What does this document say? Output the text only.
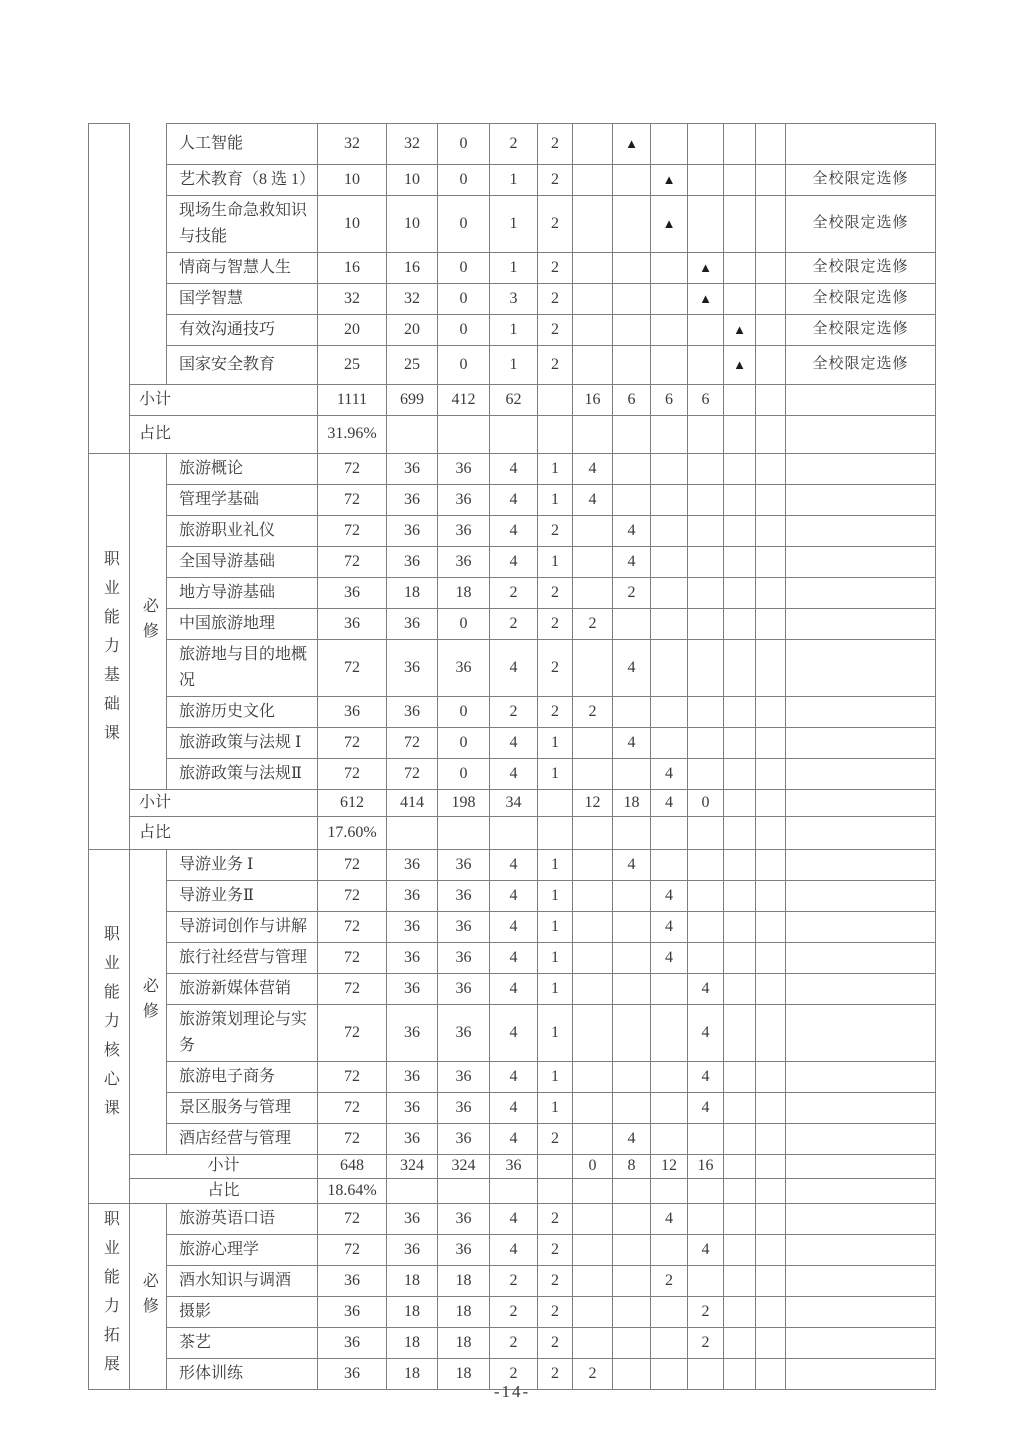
		人工智能	32	32	0	2	2		▲					
		艺术教育（8 选 1）	10	10	0	1	2			▲				全校限定选修
		现场生命急救知识与技能	10	10	0	1	2			▲				全校限定选修
		情商与智慧人生	16	16	0	1	2				▲			全校限定选修
		国学智慧	32	32	0	3	2				▲			全校限定选修
		有效沟通技巧	20	20	0	1	2					▲		全校限定选修
		国家安全教育	25	25	0	1	2					▲		全校限定选修
	小计		1111	699	412	62		16	6	6	6			
	占比		31.96%											
职业能力基础课	必修	旅游概论	72	36	36	4	1	4						
		管理学基础	72	36	36	4	1	4						
		旅游职业礼仪	72	36	36	4	2		4					
		全国导游基础	72	36	36	4	1		4					
		地方导游基础	36	18	18	2	2		2					
		中国旅游地理	36	36	0	2	2	2						
		旅游地与目的地概况	72	36	36	4	2		4					
		旅游历史文化	36	36	0	2	2	2						
		旅游政策与法规 Ⅰ	72	72	0	4	1		4					
		旅游政策与法规Ⅱ	72	72	0	4	1			4				
	小计		612	414	198	34		12	18	4	0			
	占比		17.60%											
职业能力核心课	必修	导游业务 Ⅰ	72	36	36	4	1		4					
		导游业务Ⅱ	72	36	36	4	1			4				
		导游词创作与讲解	72	36	36	4	1			4				
		旅行社经营与管理	72	36	36	4	1			4				
		旅游新媒体营销	72	36	36	4	1				4			
		旅游策划理论与实务	72	36	36	4	1				4			
		旅游电子商务	72	36	36	4	1				4			
		景区服务与管理	72	36	36	4	1				4			
		酒店经营与管理	72	36	36	4	2		4					
	小计		648	324	324	36		0	8	12	16			
	占比		18.64%											
职业能力拓展	必修	旅游英语口语	72	36	36	4	2			4				
		旅游心理学	72	36	36	4	2				4			
		酒水知识与调酒	36	18	18	2	2			2				
		摄影	36	18	18	2	2				2			
		茶艺	36	18	18	2	2				2			
		形体训练	36	18	18	2	2	2						
-14-
